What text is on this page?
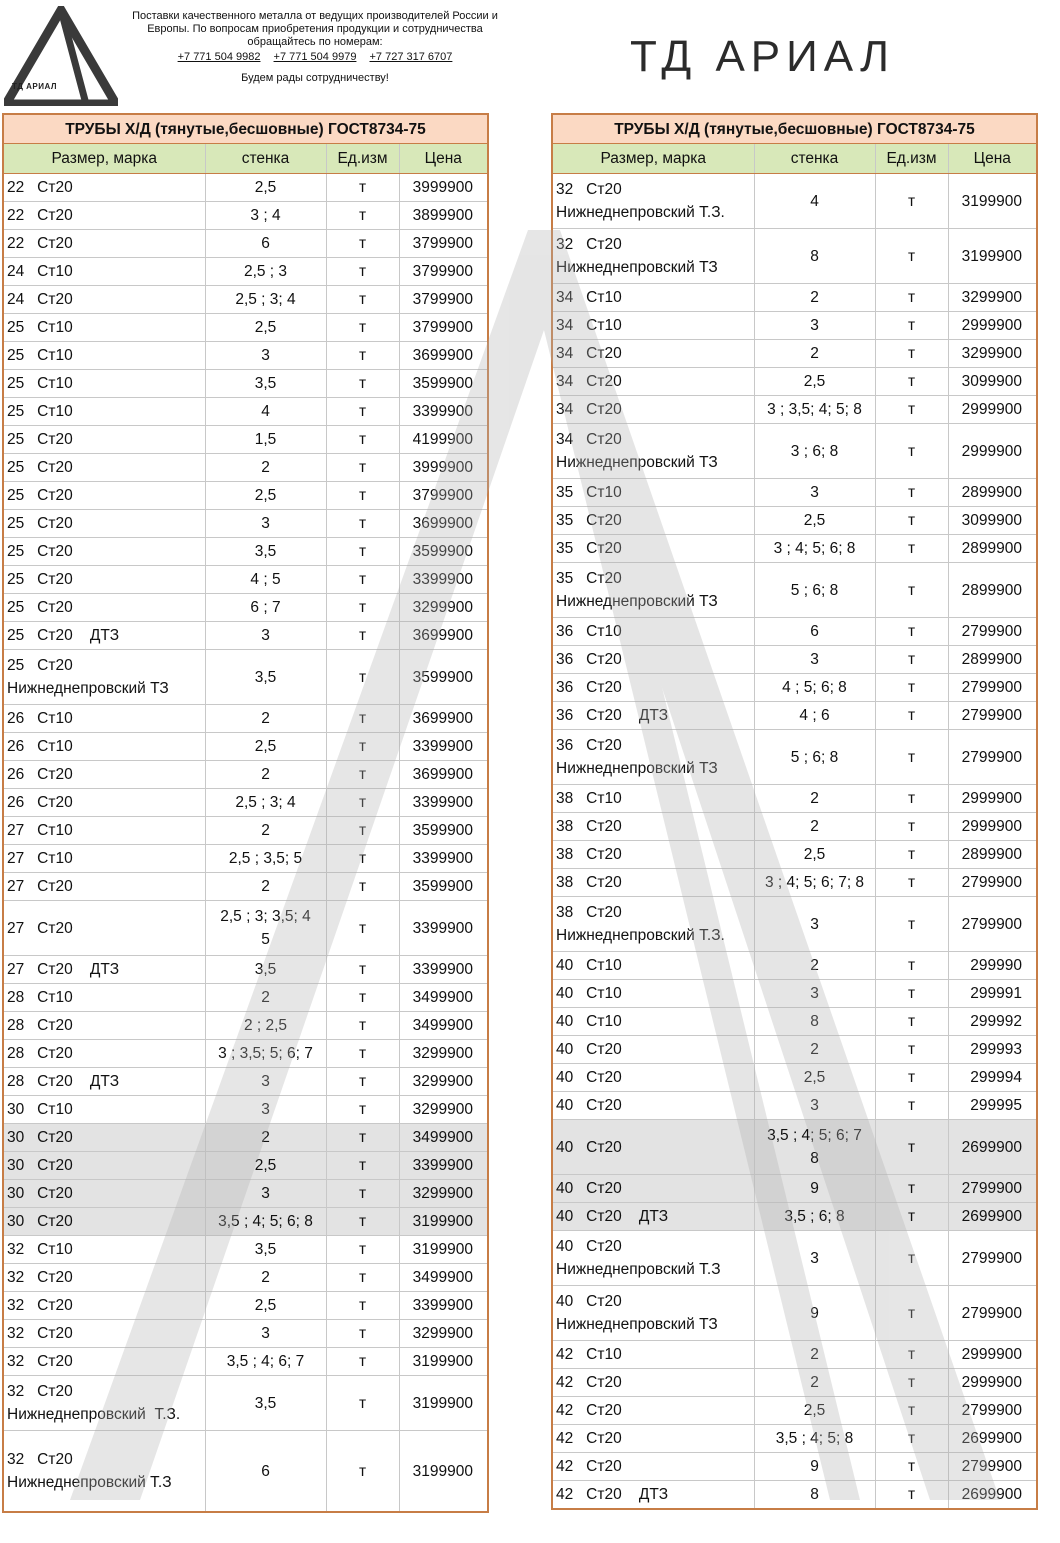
ТД АРИАЛ
Поставки качественного металла от ведущих производителей России и
Европы. По вопросам приобретения продукции и сотрудничества
обращайтесь по номерам:
+7 771 504 9982 +7 771 504 9979 +7 727 317 6707
Будем рады сотрудничеству!	ТД АРИАЛ
ТРУБЫ Х/Д (тянутые,бесшовные) ГОСТ8734-75			
Размер, марка	стенка	Ед.изм	Цена
22   Ст20	2,5	т	3999900
22   Ст20	3 ; 4	т	3899900
22   Ст20	6	т	3799900
24   Ст10	2,5 ; 3	т	3799900
24   Ст20	2,5 ; 3; 4	т	3799900
25   Ст10	2,5	т	3799900
25   Ст10	3	т	3699900
25   Ст10	3,5	т	3599900
25   Ст10	4	т	3399900
25   Ст20	1,5	т	4199900
25   Ст20	2	т	3999900
25   Ст20	2,5	т	3799900
25   Ст20	3	т	3699900
25   Ст20	3,5	т	3599900
25   Ст20	4 ; 5	т	3399900
25   Ст20	6 ; 7	т	3299900
25   Ст20    ДТЗ	3	т	3699900
25   Ст20
Нижнеднепровский ТЗ	3,5	т	3599900
26   Ст10	2	т	3699900
26   Ст10	2,5	т	3399900
26   Ст20	2	т	3699900
26   Ст20	2,5 ; 3; 4	т	3399900
27   Ст10	2	т	3599900
27   Ст10	2,5 ; 3,5; 5	т	3399900
27   Ст20	2	т	3599900
27   Ст20	2,5 ; 3; 3,5; 4
5	т	3399900
27   Ст20    ДТЗ	3,5	т	3399900
28   Ст10	2	т	3499900
28   Ст20	2 ; 2,5	т	3499900
28   Ст20	3 ; 3,5; 5; 6; 7	т	3299900
28   Ст20    ДТЗ	3	т	3299900
30   Ст10	3	т	3299900
30   Ст20	2	т	3499900
30   Ст20	2,5	т	3399900
30   Ст20	3	т	3299900
30   Ст20	3,5 ; 4; 5; 6; 8	т	3199900
32   Ст10	3,5	т	3199900
32   Ст20	2	т	3499900
32   Ст20	2,5	т	3399900
32   Ст20	3	т	3299900
32   Ст20	3,5 ; 4; 6; 7	т	3199900
32   Ст20
Нижнеднепровский  Т.З.	3,5	т	3199900
32   Ст20
Нижнеднепровский Т.З	6	т	3199900
ТРУБЫ Х/Д (тянутые,бесшовные) ГОСТ8734-75			
Размер, марка	стенка	Ед.изм	Цена
32   Ст20
Нижнеднепровский Т.З.	4	т	3199900
32   Ст20
Нижнеднепровский ТЗ	8	т	3199900
34   Ст10	2	т	3299900
34   Ст10	3	т	2999900
34   Ст20	2	т	3299900
34   Ст20	2,5	т	3099900
34   Ст20	3 ; 3,5; 4; 5; 8	т	2999900
34   Ст20
Нижнеднепровский ТЗ	3 ; 6; 8	т	2999900
35   Ст10	3	т	2899900
35   Ст20	2,5	т	3099900
35   Ст20	3 ; 4; 5; 6; 8	т	2899900
35   Ст20
Нижнеднепровский ТЗ	5 ; 6; 8	т	2899900
36   Ст10	6	т	2799900
36   Ст20	3	т	2899900
36   Ст20	4 ; 5; 6; 8	т	2799900
36   Ст20    ДТЗ	4 ; 6	т	2799900
36   Ст20
Нижнеднепровский ТЗ	5 ; 6; 8	т	2799900
38   Ст10	2	т	2999900
38   Ст20	2	т	2999900
38   Ст20	2,5	т	2899900
38   Ст20	3 ; 4; 5; 6; 7; 8	т	2799900
38   Ст20
Нижнеднепровский Т.З.	3	т	2799900
40   Ст10	2	т	299990
40   Ст10	3	т	299991
40   Ст10	8	т	299992
40   Ст20	2	т	299993
40   Ст20	2,5	т	299994
40   Ст20	3	т	299995
40   Ст20	3,5 ; 4; 5; 6; 7
8	т	2699900
40   Ст20	9	т	2799900
40   Ст20    ДТЗ	3,5 ; 6; 8	т	2699900
40   Ст20
Нижнеднепровский Т.З	3	т	2799900
40   Ст20
Нижнеднепровский ТЗ	9	т	2799900
42   Ст10	2	т	2999900
42   Ст20	2	т	2999900
42   Ст20	2,5	т	2799900
42   Ст20	3,5 ; 4; 5; 8	т	2699900
42   Ст20	9	т	2799900
42   Ст20    ДТЗ	8	т	2699900
